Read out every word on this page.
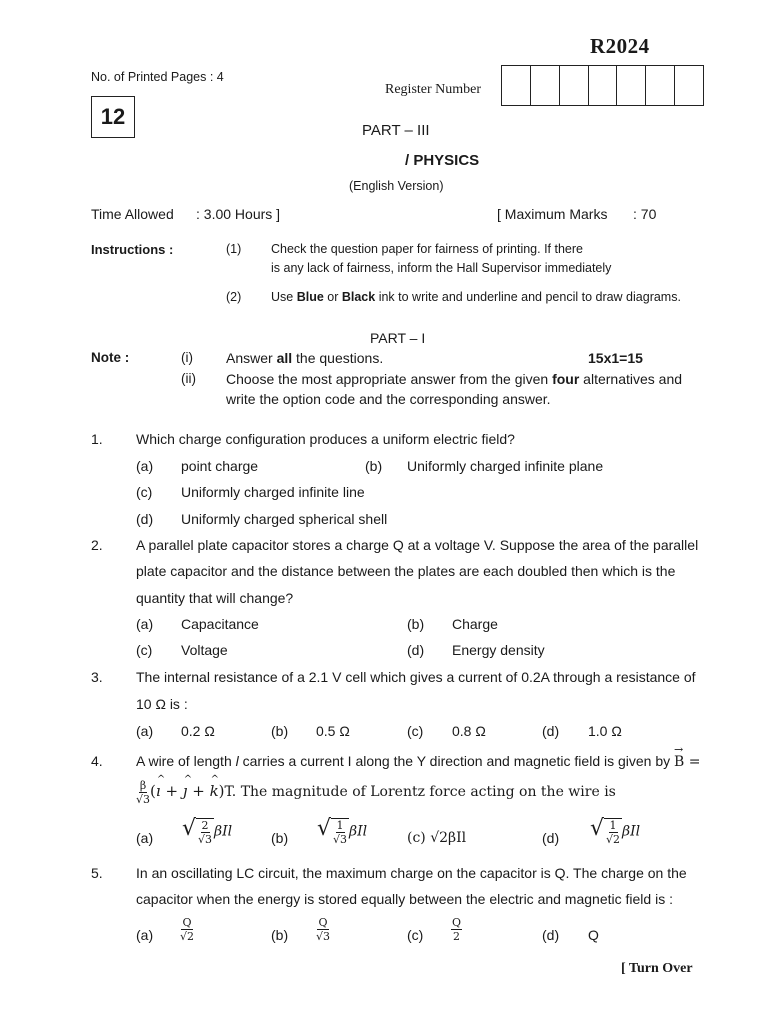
R2024
No. of Printed Pages : 4
Register Number
12
PART – III
/ PHYSICS
(English Version)
Time Allowed : 3.00 Hours ]	[ Maximum Marks : 70
Instructions :	(1) Check the question paper for fairness of printing. If there
is any lack of fairness, inform the Hall Supervisor immediately
(2) Use Blue or Black ink to write and underline and pencil to draw diagrams.
PART – I
Note :	(i) Answer all the questions.	15x1=15
(ii) Choose the most appropriate answer from the given four alternatives and
write the option code and the corresponding answer.
1. Which charge configuration produces a uniform electric field?
(a) point charge	(b) Uniformly charged infinite plane
(c) Uniformly charged infinite line
(d) Uniformly charged spherical shell
2. A parallel plate capacitor stores a charge Q at a voltage V. Suppose the area of the parallel
plate capacitor and the distance between the plates are each doubled then which is the
quantity that will change?
(a) Capacitance	(b) Charge
(c) Voltage	(d) Energy density
3. The internal resistance of a 2.1 V cell which gives a current of 0.2A through a resistance of
10 Ω is :
(a) 0.2 Ω	(b) 0.5 Ω	(c) 0.8 Ω	(d) 1.0 Ω
4. A wire of length l carries a current I along the Y direction and magnetic field is given by → B =
$\frac{\beta}{√3}$ (^ ı + ^ ȷ + ^ k)T. The magnitude of Lorentz force acting on the wire is
(a) √ $\frac{2}{√3}$ βIl	(b) √ $\frac{1}{√3}$ βIl	(c) √2βIl	(d) √ $\frac{1}{√2}$ βIl
5. In an oscillating LC circuit, the maximum charge on the capacitor is Q. The charge on the
capacitor when the energy is stored equally between the electric and magnetic field is :
$(a) \frac{Q}{√2}$	(b)	$\frac{Q}{√3}$	(c)	$\frac{Q}{2}$	(d) Q
[ Turn Over
